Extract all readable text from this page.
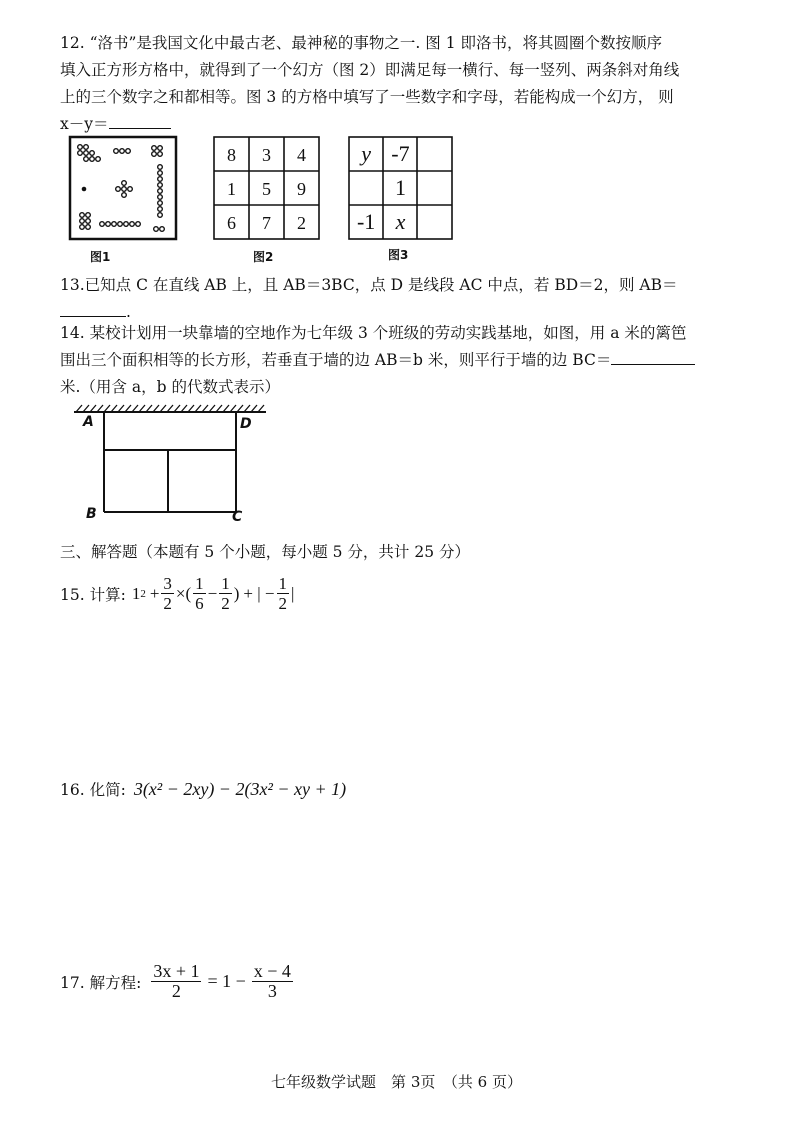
12. “洛书”是我国文化中最古老、最神秘的事物之一. 图 1 即洛书，将其圆圈个数按顺序

填入正方形方格中，就得到了一个幻方（图 2）即满足每一横行、每一竖列、两条斜对角线

上的三个数字之和都相等。图 3 的方格中填写了一些数字和字母，若能构成一个幻方， 则

x－y＝

图1
8 3 4
1 5 9
6 7 2
图2
y -7
1
-1 x
图3

13.已知点 C 在直线 AB 上，且 AB＝3BC，点 D 是线段 AC 中点，若 BD＝2，则 AB＝.

14. 某校计划用一块靠墙的空地作为七年级 3 个班级的劳动实践基地，如图，用 a 米的篱笆

围出三个面积相等的长方形，若垂直于墙的边 AB＝b 米，则平行于墙的边 BC＝

米.（用含 a，b 的代数式表示）

A	D
B	C
三、解答题（本题有 5 个小题，每小题 5 分，共计 25 分）
15. 计算: 1 $2 + \frac{3}{2}$ ×( $\frac{1}{6} - \frac{1}{2}$ ) + | − $\frac{1}{2}$ |
16. 化简: 3(x² − 2xy) − 2(3x² − xy + 1)
17. 解方程: $\frac{3x + 1}{2} = 1 - \frac{x - 4}{3}$
七年级数学试题　第 3页　（共 6 页）
